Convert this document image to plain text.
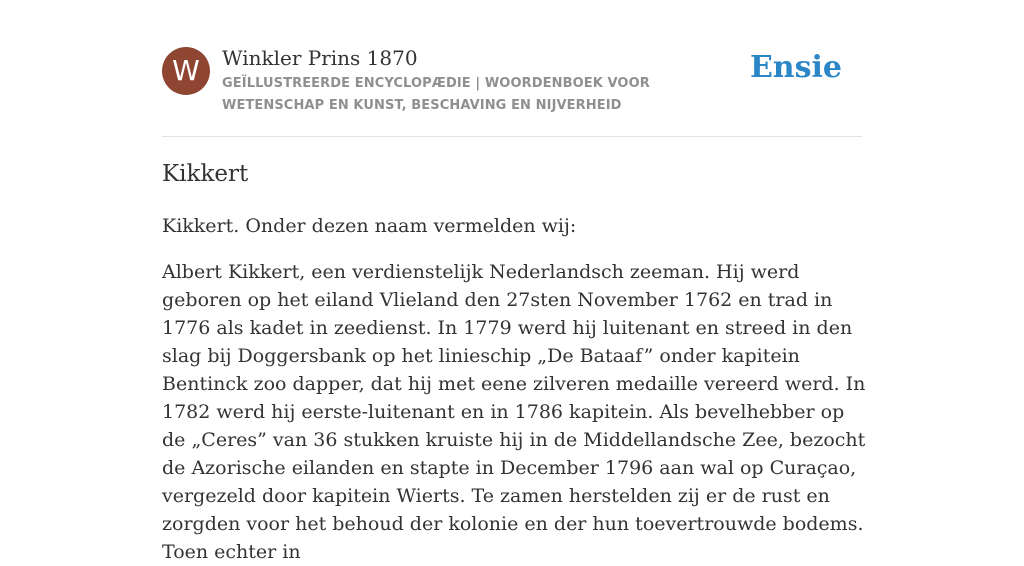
W	Winkler Prins 1870
GEÏLLUSTREERDE ENCYCLOPÆDIE | WOORDENBOEK VOOR WETENSCHAP EN KUNST, BESCHAVING EN NIJVERHEID
Ensie
Kikkert

Kikkert. Onder dezen naam vermelden wij:

Albert Kikkert, een verdienstelijk Nederlandsch zeeman. Hij werd geboren op het eiland Vlieland den 27sten November 1762 en trad in 1776 als kadet in zeedienst. In 1779 werd hij luitenant en streed in den slag bij Doggersbank op het linieschip „De Bataaf” onder kapitein Bentinck zoo dapper, dat hij met eene zilveren medaille vereerd werd. In 1782 werd hij eerste-luitenant en in 1786 kapitein. Als bevelhebber op de „Ceres” van 36 stukken kruiste hij in de Middellandsche Zee, bezocht de Azorische eilanden en stapte in December 1796 aan wal op Curaçao, vergezeld door kapitein Wierts. Te zamen herstelden zij er de rust en zorgden voor het behoud der kolonie en der hun toevertrouwde bodems. Toen echter in
